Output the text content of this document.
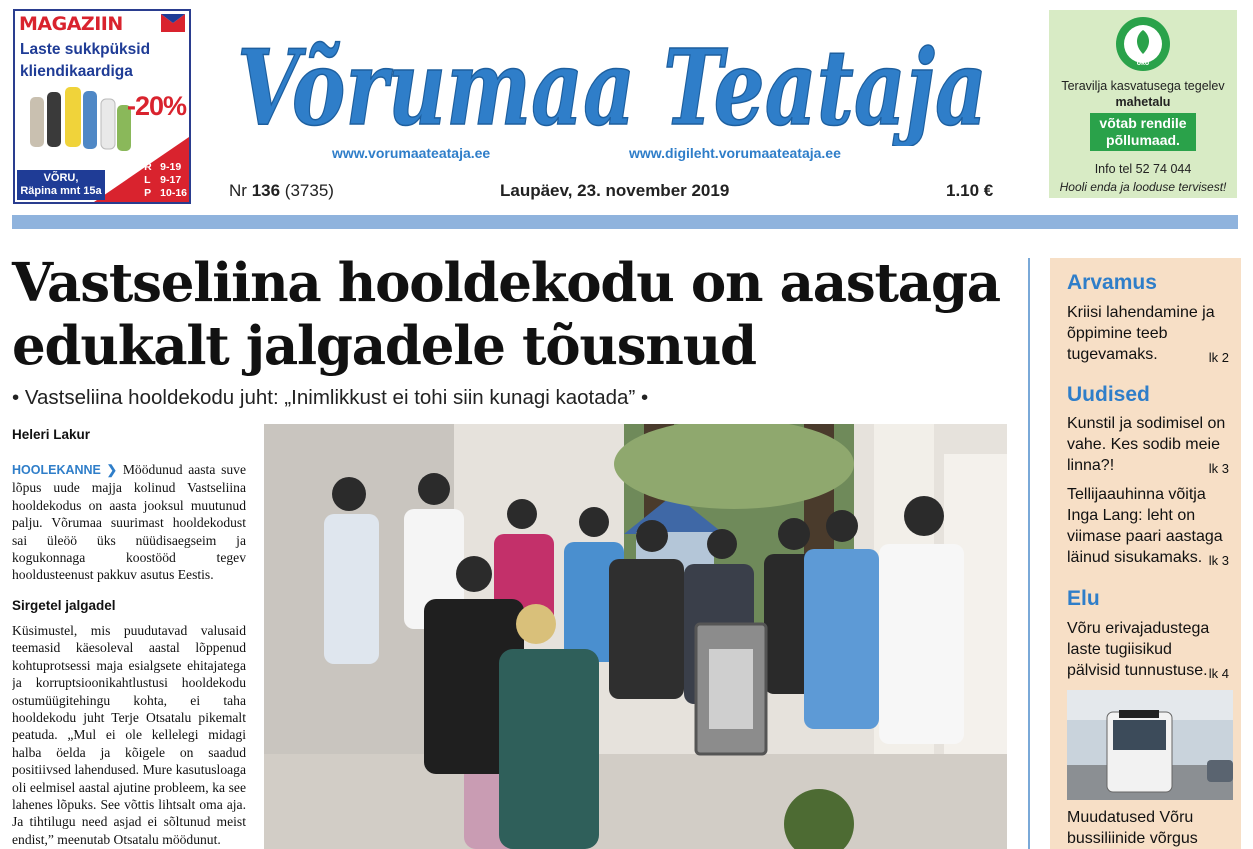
MAGAZIIN
Laste sukkpüksid
kliendikaardiga
-20%
VÕRU,
Räpina mnt 15a
E-R 9-19
L 9-17
P 10-16
Võrumaa Teataja
www.vorumaateataja.ee	www.digileht.vorumaateataja.ee
Nr 136 (3735)	Laupäev, 23. november 2019	1.10 €
öko
Teravilja kasvatusega tegelev
mahetalu
võtab rendile
põllumaad.
Info tel 52 74 044
Hooli enda ja looduse tervisest!
Vastseliina hooldekodu on aastaga
edukalt jalgadele tõusnud
• Vastseliina hooldekodu juht: „Inimlikkust ei tohi siin kunagi kaotada” •
Heleri Lakur
HOOLEKANNE ❯ Möödunud aasta suve lõpus uude majja kolinud Vastseliina hooldekodus on aasta jooksul muutunud palju. Võrumaa suurimast hooldekodust sai üleöö üks nüüdisaegseim ja kogukonnaga koostööd tegev hooldusteenust pakkuv asutus Eestis.
Sirgetel jalgadel
Küsimustel, mis puudutavad valusaid teemasid käesoleval aastal lõppenud kohtuprotsessi maja esialgsete ehitajatega ja korruptsioonikahtlustusi hooldekodu ostumüügitehingu kohta, ei taha hooldekodu juht Terje Otsatalu pikemalt peatuda. „Mul ei ole kellelegi midagi halba öelda ja kõigele on saadud positiivsed lahendused. Mure kasutusloaga oli eelmisel aastal ajutine probleem, ka see lahenes lõpuks. See võttis lihtsalt oma aja. Ja tihtilugu need asjad ei sõltunud meist endist,” meenutab Otsatalu möödunut.
Arvamus
Kriisi lahendamine ja õppimine teeb tugevamaks.	lk 2
Uudised
Kunstil ja sodimisel on vahe. Kes sodib meie linna?!	lk 3
Tellijaauhinna võitja Inga Lang: leht on viimase paari aastaga läinud sisukamaks. lk 3
Elu
Võru erivajadustega laste tugiisikud pälvisid tunnustuse. lk 4
Muudatused Võru bussiliinide võrgus
